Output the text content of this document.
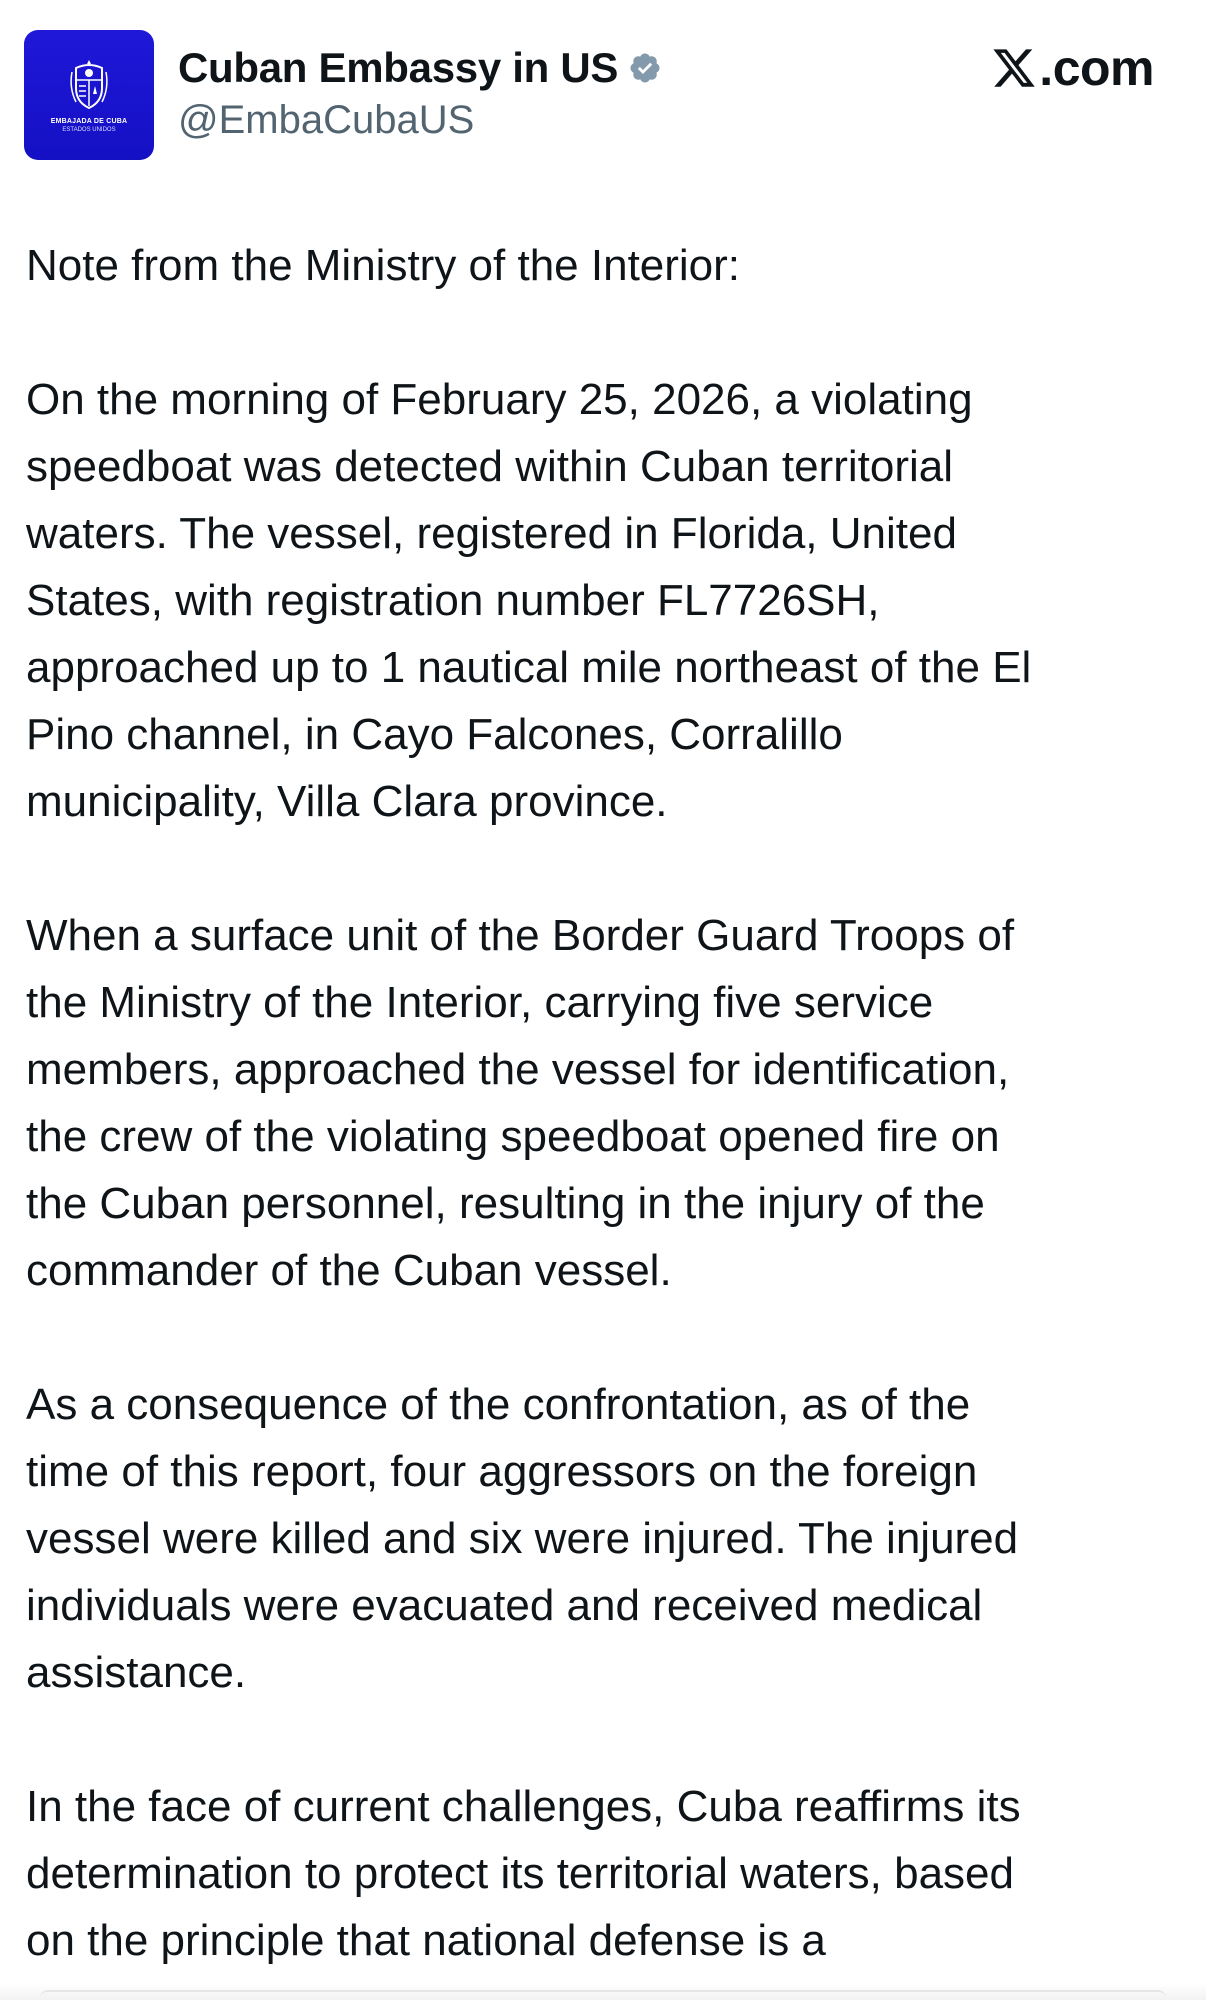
EMBAJADA DE CUBA
ESTADOS UNIDOS
Cuban Embassy in US
@EmbaCubaUS
.com

Note from the Ministry of the Interior:

On the morning of February 25, 2026, a violating
speedboat was detected within Cuban territorial
waters. The vessel, registered in Florida, United
States, with registration number FL7726SH,
approached up to 1 nautical mile northeast of the El
Pino channel, in Cayo Falcones, Corralillo
municipality, Villa Clara province.

When a surface unit of the Border Guard Troops of
the Ministry of the Interior, carrying five service
members, approached the vessel for identification,
the crew of the violating speedboat opened fire on
the Cuban personnel, resulting in the injury of the
commander of the Cuban vessel.

As a consequence of the confrontation, as of the
time of this report, four aggressors on the foreign
vessel were killed and six were injured. The injured
individuals were evacuated and received medical
assistance.

In the face of current challenges, Cuba reaffirms its
determination to protect its territorial waters, based
on the principle that national defense is a
